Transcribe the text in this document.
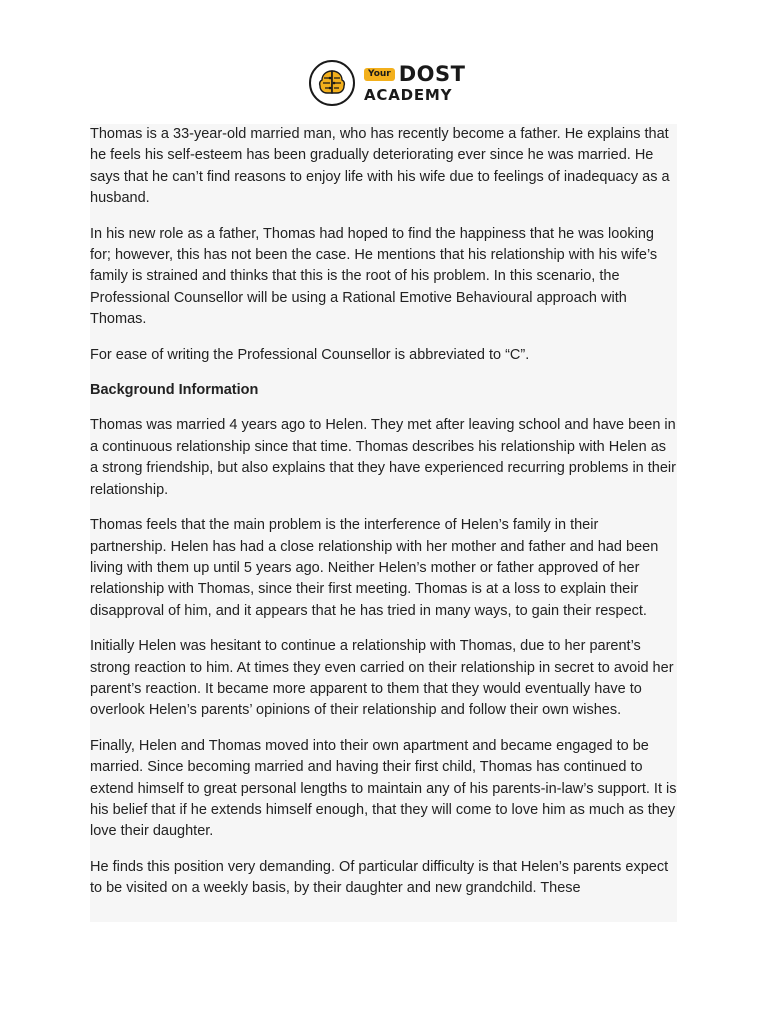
Your DOST
ACADEMY

Thomas is a 33-year-old married man, who has recently become a father. He explains that he feels his self-esteem has been gradually deteriorating ever since he was married. He says that he can’t find reasons to enjoy life with his wife due to feelings of inadequacy as a husband.

In his new role as a father, Thomas had hoped to find the happiness that he was looking for; however, this has not been the case. He mentions that his relationship with his wife’s family is strained and thinks that this is the root of his problem. In this scenario, the Professional Counsellor will be using a Rational Emotive Behavioural approach with Thomas.

For ease of writing the Professional Counsellor is abbreviated to “C”.

Background Information

Thomas was married 4 years ago to Helen. They met after leaving school and have been in a continuous relationship since that time. Thomas describes his relationship with Helen as a strong friendship, but also explains that they have experienced recurring problems in their relationship.

Thomas feels that the main problem is the interference of Helen’s family in their partnership. Helen has had a close relationship with her mother and father and had been living with them up until 5 years ago. Neither Helen’s mother or father approved of her relationship with Thomas, since their first meeting. Thomas is at a loss to explain their disapproval of him, and it appears that he has tried in many ways, to gain their respect.

Initially Helen was hesitant to continue a relationship with Thomas, due to her parent’s strong reaction to him. At times they even carried on their relationship in secret to avoid her parent’s reaction. It became more apparent to them that they would eventually have to overlook Helen’s parents’ opinions of their relationship and follow their own wishes.

Finally, Helen and Thomas moved into their own apartment and became engaged to be married. Since becoming married and having their first child, Thomas has continued to extend himself to great personal lengths to maintain any of his parents-in-law’s support. It is his belief that if he extends himself enough, that they will come to love him as much as they love their daughter.

He finds this position very demanding. Of particular difficulty is that Helen’s parents expect to be visited on a weekly basis, by their daughter and new grandchild. These
